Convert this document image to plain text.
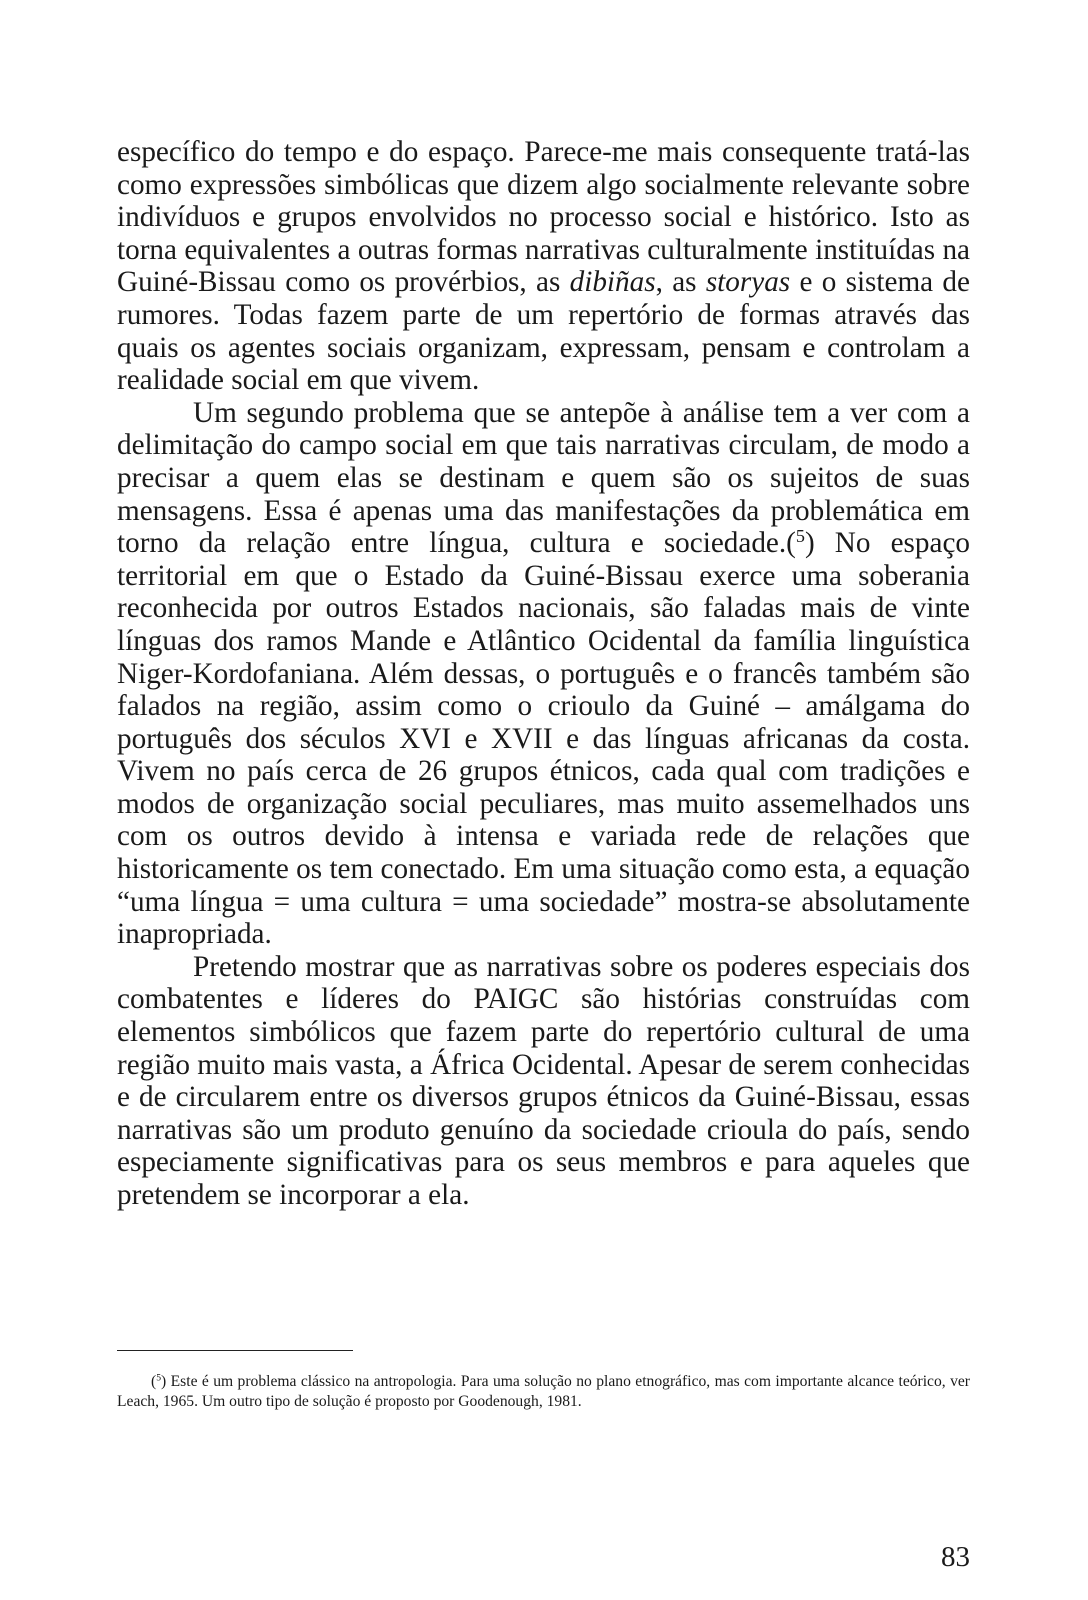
específico do tempo e do espaço. Parece-me mais consequente tratá-las como expressões simbólicas que dizem algo socialmente relevante sobre indivíduos e grupos envolvidos no processo social e histórico. Isto as torna equivalentes a outras formas narrativas culturalmente instituídas na Guiné-Bissau como os provérbios, as dibiñas, as storyas e o sistema de rumores. Todas fazem parte de um repertório de formas através das quais os agentes sociais organizam, expressam, pensam e controlam a realidade social em que vivem.

Um segundo problema que se antepõe à análise tem a ver com a delimitação do campo social em que tais narrativas circulam, de modo a precisar a quem elas se destinam e quem são os sujeitos de suas mensagens. Essa é apenas uma das manifestações da problemática em torno da relação entre língua, cultura e sociedade.($^5$) No espaço territorial em que o Estado da Guiné-Bissau exerce uma soberania reconhecida por outros Estados nacionais, são faladas mais de vinte línguas dos ramos Mande e Atlântico Ocidental da família linguística Niger-Kordofaniana. Além dessas, o português e o francês também são falados na região, assim como o crioulo da Guiné – amálgama do português dos séculos XVI e XVII e das línguas africanas da costa. Vivem no país cerca de 26 grupos étnicos, cada qual com tradições e modos de organização social peculiares, mas muito assemelhados uns com os outros devido à intensa e variada rede de relações que historicamente os tem conectado. Em uma situação como esta, a equação “uma língua = uma cultura = uma sociedade” mostra-se absolutamente inapropriada.

Pretendo mostrar que as narrativas sobre os poderes especiais dos combatentes e líderes do PAIGC são histórias construídas com elementos simbólicos que fazem parte do repertório cultural de uma região muito mais vasta, a África Ocidental. Apesar de serem conhecidas e de circularem entre os diversos grupos étnicos da Guiné-Bissau, essas narrativas são um produto genuíno da sociedade crioula do país, sendo especiamente significativas para os seus membros e para aqueles que pretendem se incorporar a ela.

($^5$) Este é um problema clássico na antropologia. Para uma solução no plano etnográfico, mas com importante alcance teórico, ver Leach, 1965. Um outro tipo de solução é proposto por Goodenough, 1981.

83
